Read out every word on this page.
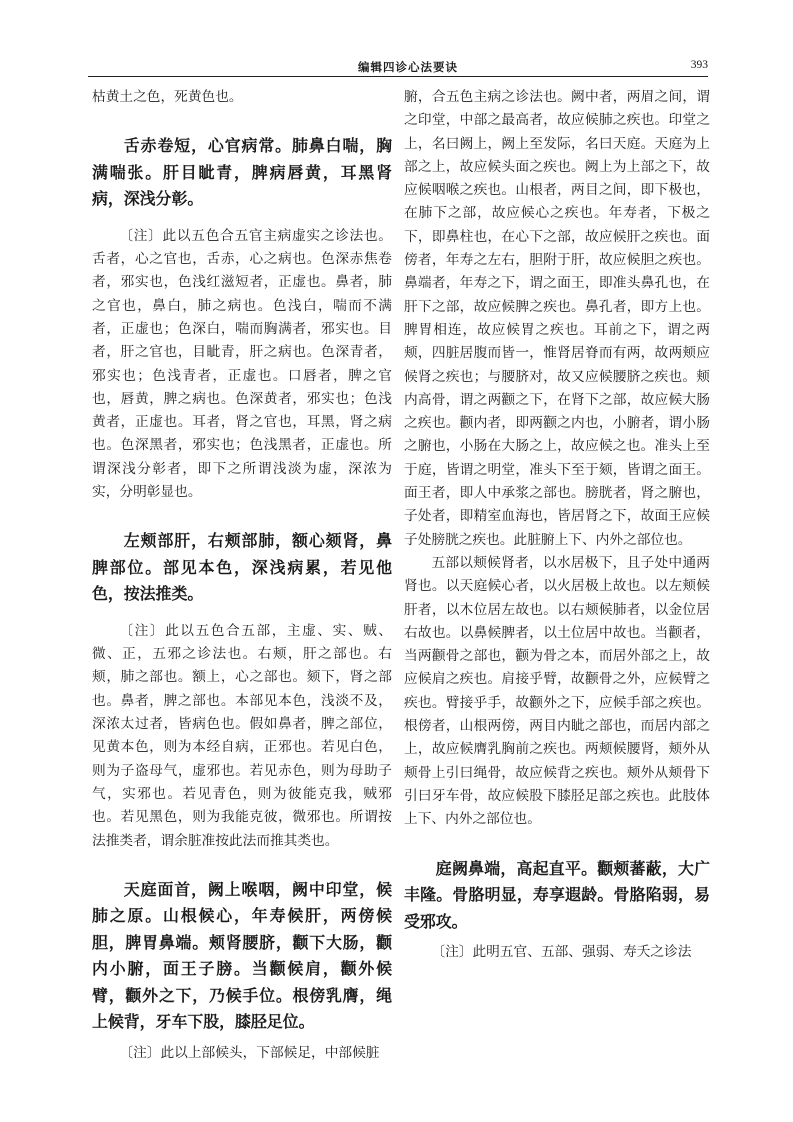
编辑四诊心法要诀	393

枯黄土之色，死黄色也。

舌赤卷短，心官病常。肺鼻白喘，胸满喘张。肝目眦青，脾病唇黄，耳黑肾病，深浅分彰。

〔注〕此以五色合五官主病虚实之诊法也。舌者，心之官也，舌赤，心之病也。色深赤焦卷者，邪实也，色浅红滋短者，正虚也。鼻者，肺之官也，鼻白，肺之病也。色浅白，喘而不满者，正虚也；色深白，喘而胸满者，邪实也。目者，肝之官也，目眦青，肝之病也。色深青者，邪实也；色浅青者，正虚也。口唇者，脾之官也，唇黄，脾之病也。色深黄者，邪实也；色浅黄者，正虚也。耳者，肾之官也，耳黑，肾之病也。色深黑者，邪实也；色浅黑者，正虚也。所谓深浅分彰者，即下之所谓浅淡为虚，深浓为实，分明彰显也。

左颊部肝，右颊部肺，额心颏肾，鼻脾部位。部见本色，深浅病累，若见他色，按法推类。

〔注〕此以五色合五部，主虚、实、贼、微、正，五邪之诊法也。右颊，肝之部也。右颊，肺之部也。额上，心之部也。颏下，肾之部也。鼻者，脾之部也。本部见本色，浅淡不及，深浓太过者，皆病色也。假如鼻者，脾之部位，见黄本色，则为本经自病，正邪也。若见白色，则为子盗母气，虚邪也。若见赤色，则为母助子气，实邪也。若见青色，则为彼能克我，贼邪也。若见黑色，则为我能克彼，微邪也。所谓按法推类者，谓余脏准按此法而推其类也。

天庭面首，阙上喉咽，阙中印堂，候肺之原。山根候心，年寿候肝，两傍候胆，脾胃鼻端。颊肾腰脐，颧下大肠，颧内小腑，面王子膀。当颧候肩，颧外候臂，颧外之下，乃候手位。根傍乳膺，绳上候背，牙车下股，膝胫足位。

〔注〕此以上部候头，下部候足，中部候脏

腑，合五色主病之诊法也。阙中者，两眉之间，谓之印堂，中部之最高者，故应候肺之疾也。印堂之上，名曰阙上，阙上至发际，名曰天庭。天庭为上部之上，故应候头面之疾也。阙上为上部之下，故应候咽喉之疾也。山根者，两目之间，即下极也，在肺下之部，故应候心之疾也。年寿者，下极之下，即鼻柱也，在心下之部，故应候肝之疾也。面傍者，年寿之左右，胆附于肝，故应候胆之疾也。鼻端者，年寿之下，谓之面王，即准头鼻孔也，在肝下之部，故应候脾之疾也。鼻孔者，即方上也。脾胃相连，故应候胃之疾也。耳前之下，谓之两颊，四脏居腹而皆一，惟肾居脊而有两，故两颊应候肾之疾也；与腰脐对，故又应候腰脐之疾也。颊内高骨，谓之两颧之下，在肾下之部，故应候大肠之疾也。颧内者，即两颧之内也，小腑者，谓小肠之腑也，小肠在大肠之上，故应候之也。准头上至于庭，皆谓之明堂，准头下至于颏，皆谓之面王。面王者，即人中承浆之部也。膀胱者，肾之腑也，子处者，即精室血海也，皆居肾之下，故面王应候子处膀胱之疾也。此脏腑上下、内外之部位也。

五部以颊候肾者，以水居极下，且子处中通两肾也。以天庭候心者，以火居极上故也。以左颊候肝者，以木位居左故也。以右颊候肺者，以金位居右故也。以鼻候脾者，以土位居中故也。当颧者，当两颧骨之部也，颧为骨之本，而居外部之上，故应候肩之疾也。肩接乎臂，故颧骨之外，应候臂之疾也。臂接乎手，故颧外之下，应候手部之疾也。根傍者，山根两傍，两目内眦之部也，而居内部之上，故应候膺乳胸前之疾也。两颊候腰肾，颊外从颊骨上引曰绳骨，故应候背之疾也。颊外从颊骨下引曰牙车骨，故应候股下膝胫足部之疾也。此肢体上下、内外之部位也。

庭阙鼻端，高起直平。颧颊蕃蔽，大广丰隆。骨胳明显，寿享遐龄。骨胳陷弱，易受邪攻。

〔注〕此明五官、五部、强弱、寿夭之诊法
